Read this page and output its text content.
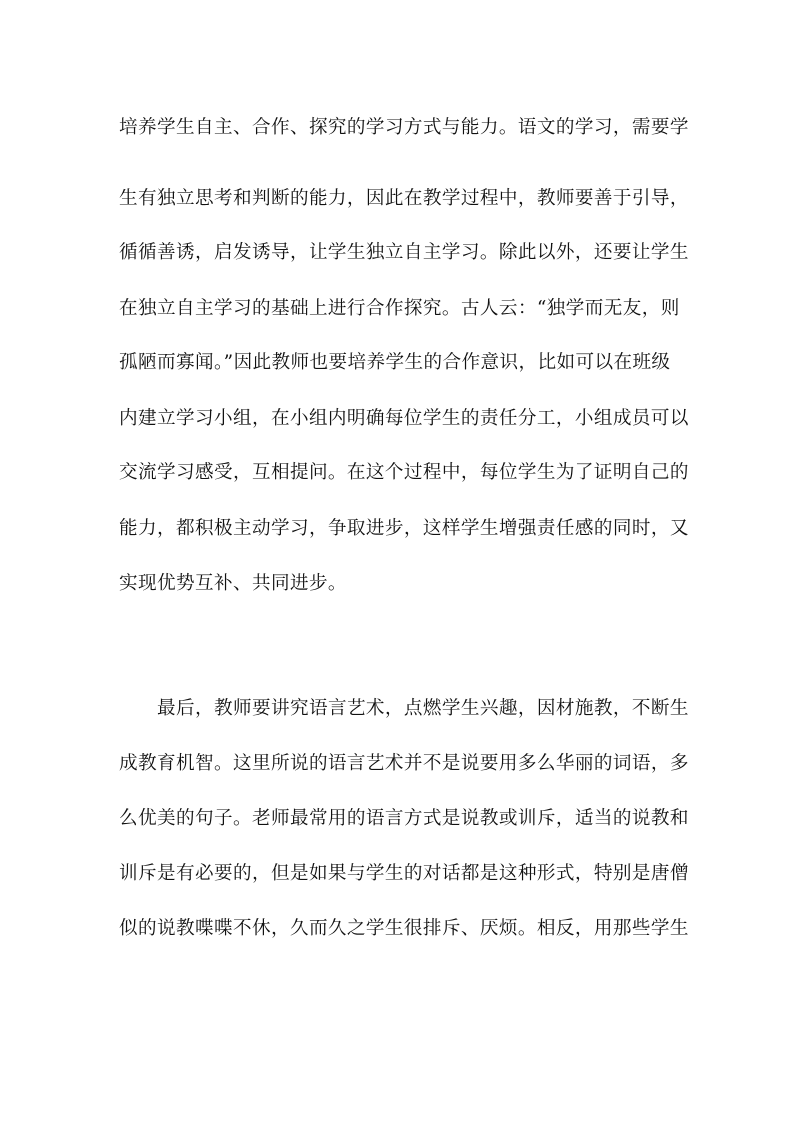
培养学生自主、合作、探究的学习方式与能力。语文的学习，需要学
生有独立思考和判断的能力，因此在教学过程中，教师要善于引导，
循循善诱，启发诱导，让学生独立自主学习。除此以外，还要让学生
在独立自主学习的基础上进行合作探究。古人云：“独学而无友，则
孤陋而寡闻。”因此教师也要培养学生的合作意识，比如可以在班级
内建立学习小组，在小组内明确每位学生的责任分工，小组成员可以
交流学习感受，互相提问。在这个过程中，每位学生为了证明自己的
能力，都积极主动学习，争取进步，这样学生增强责任感的同时，又
实现优势互补、共同进步。
最后，教师要讲究语言艺术，点燃学生兴趣，因材施教，不断生
成教育机智。这里所说的语言艺术并不是说要用多么华丽的词语，多
么优美的句子。老师最常用的语言方式是说教或训斥，适当的说教和
训斥是有必要的，但是如果与学生的对话都是这种形式，特别是唐僧
似的说教喋喋不休，久而久之学生很排斥、厌烦。相反，用那些学生
